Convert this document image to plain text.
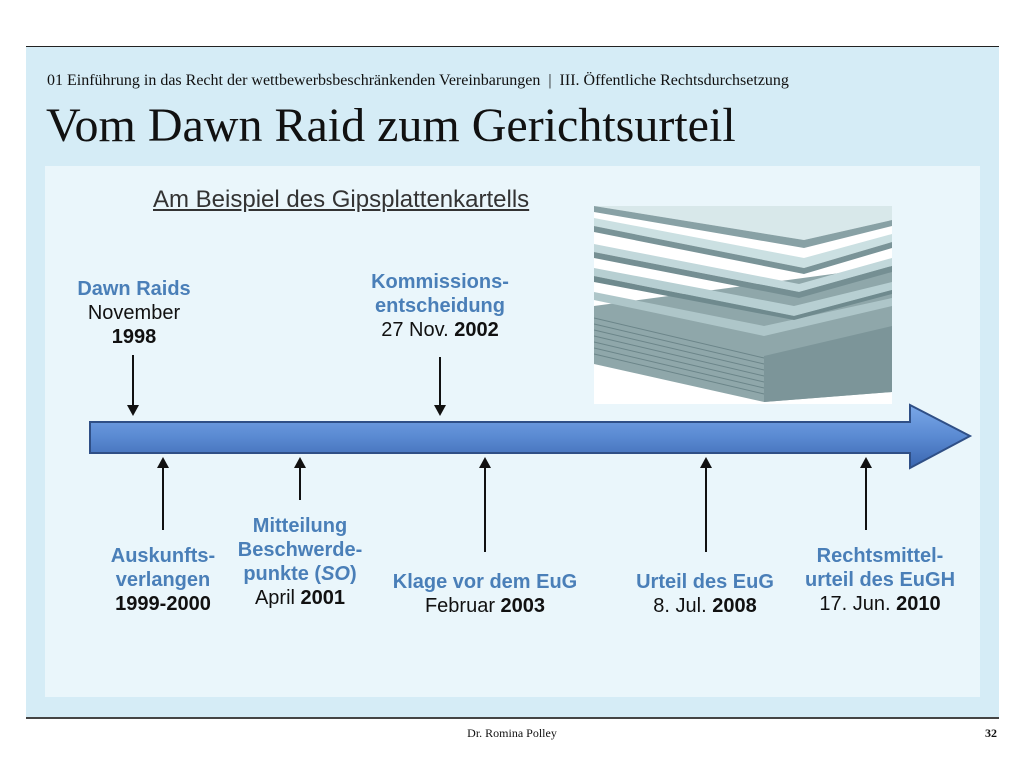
01 Einführung in das Recht der wettbewerbsbeschränkenden Vereinbarungen | III. Öffentliche Rechtsdurchsetzung
Vom Dawn Raid zum Gerichtsurteil
Am Beispiel des Gipsplattenkartells
Dawn Raids
November
1998
Kommissions-
entscheidung
27 Nov. 2002
Auskunfts-
verlangen
1999-2000
Mitteilung
Beschwerde-
punkte (SO)
April 2001
Klage vor dem EuG
Februar 2003
Urteil des EuG
8. Jul. 2008
Rechtsmittel-
urteil des EuGH
17. Jun. 2010
Dr. Romina Polley	32
